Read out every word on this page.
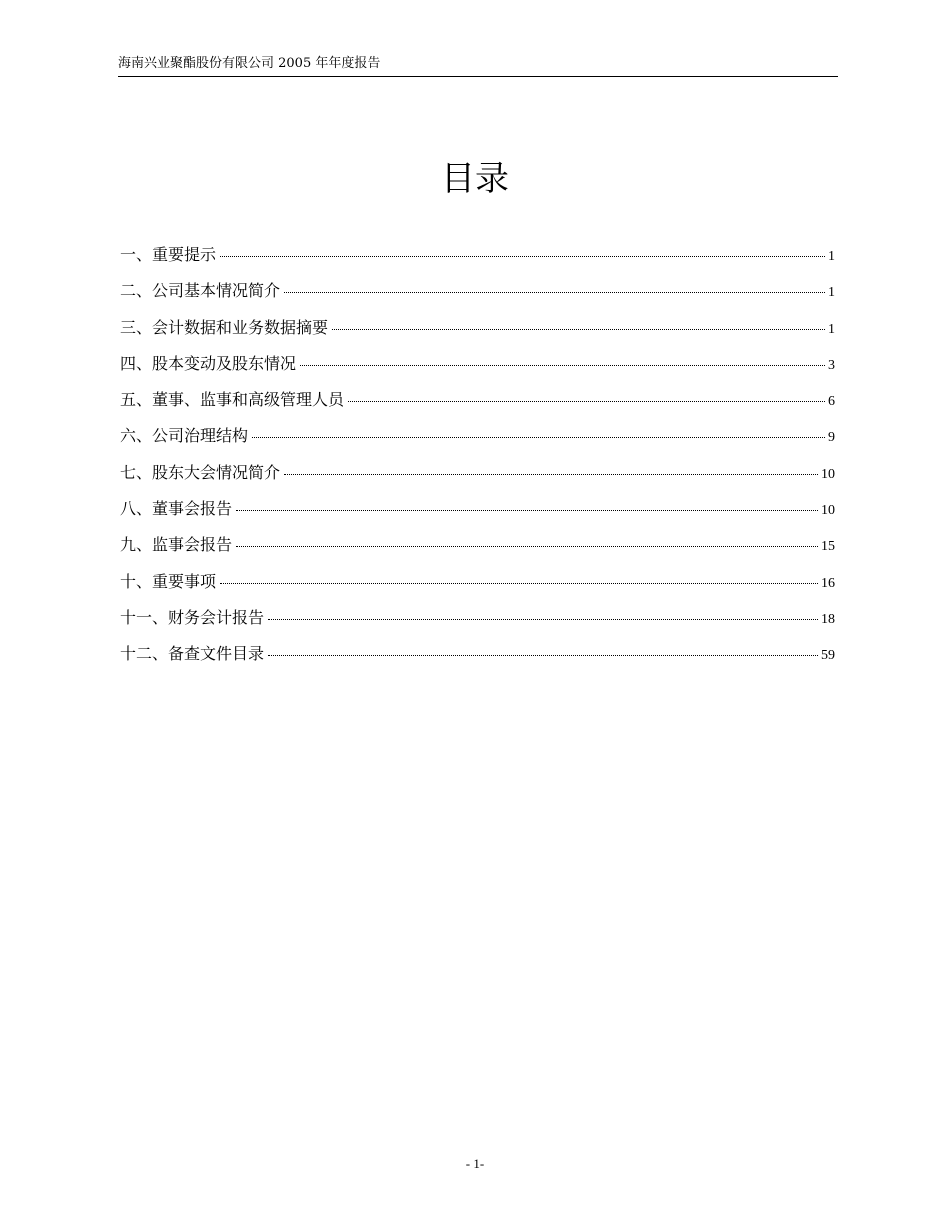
海南兴业聚酯股份有限公司 2005 年年度报告
目录
一、重要提示	1
二、公司基本情况简介	1
三、会计数据和业务数据摘要	1
四、股本变动及股东情况	3
五、董事、监事和高级管理人员	6
六、公司治理结构	9
七、股东大会情况简介	10
八、董事会报告	10
九、监事会报告	15
十、重要事项	16
十一、财务会计报告	18
十二、备查文件目录	59
- 1-
